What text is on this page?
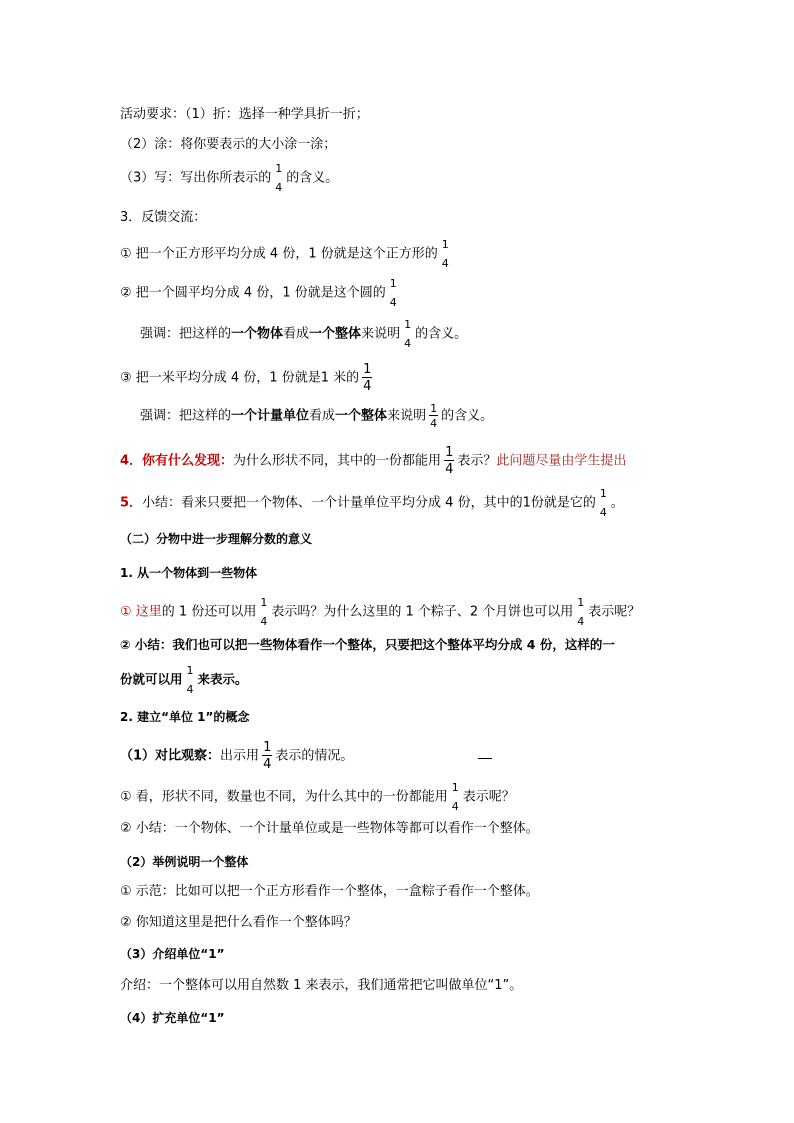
活动要求：（1）折：选择一种学具折一折；
（2）涂：将你要表示的大小涂一涂；
（3）写：写出你所表示的
1
4
的含义。
3．反馈交流：
① 把一个正方形平均分成 4 份，1 份就是这个正方形的
1
4
② 把一个圆平均分成 4 份，1 份就是这个圆的
1
4
强调：把这样的一个物体看成一个整体来说明
1
4
的含义。
③ 把一米平均分成 4 份，1 份就是1 米的 $\frac{1}{4}$
强调：把这样的一个计量单位看成一个整体来说明 $\frac{1}{4}$ 的含义。
4．你有什么发现：为什么形状不同，其中的一份都能用 $\frac{1}{4}$ 表示？此问题尽量由学生提出
5．小结：看来只要把一个物体、一个计量单位平均分成 4 份，其中的1份就是它的
1
4
。
（二）分物中进一步理解分数的意义
1. 从一个物体到一些物体
① 这里的 1 份还可以用
1
4
表示吗？为什么这里的 1 个粽子、2 个月饼也可以用
1
4
表示呢？
② 小结：我们也可以把一些物体看作一个整体，只要把这个整体平均分成 4 份，这样的一
份就可以用
1
4
来表示。
2. 建立“单位 1”的概念
（1）对比观察：出示用 $\frac{1}{4}$ 表示的情况。
① 看，形状不同，数量也不同，为什么其中的一份都能用
1
4
表示呢？
② 小结：一个物体、一个计量单位或是一些物体等都可以看作一个整体。
（2）举例说明一个整体
① 示范：比如可以把一个正方形看作一个整体，一盒粽子看作一个整体。
② 你知道这里是把什么看作一个整体吗？
（3）介绍单位“1”
介绍：一个整体可以用自然数 1 来表示，我们通常把它叫做单位“1”。
（4）扩充单位“1”
